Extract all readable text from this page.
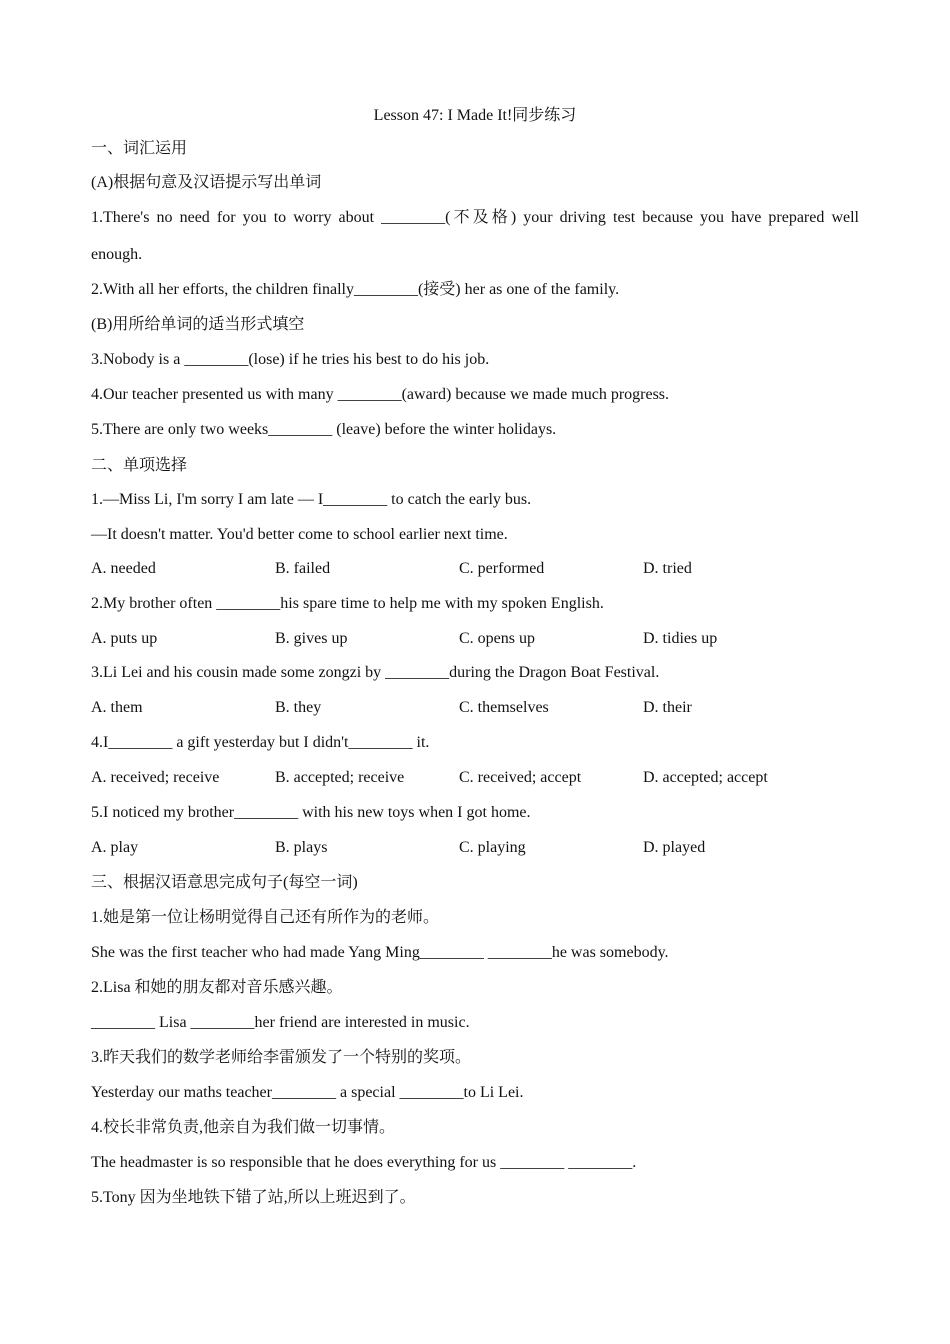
Lesson 47: I Made It!同步练习
一、词汇运用
(A)根据句意及汉语提示写出单词
1.There's no need for you to worry about ________(不及格) your driving test because you have prepared well
enough.
2.With all her efforts, the children finally________(接受) her as one of the family.
(B)用所给单词的适当形式填空
3.Nobody is a ________(lose) if he tries his best to do his job.
4.Our teacher presented us with many ________(award) because we made much progress.
5.There are only two weeks________ (leave) before the winter holidays.
二、单项选择
1.—Miss Li, I'm sorry I am late — I________ to catch the early bus.
—It doesn't matter. You'd better come to school earlier next time.
A. needed	B. failed	C. performed	D. tried
2.My brother often ________his spare time to help me with my spoken English.
A. puts up	B. gives up	C. opens up	D. tidies up
3.Li Lei and his cousin made some zongzi by ________during the Dragon Boat Festival.
A. them	B. they	C. themselves	D. their
4.I________ a gift yesterday but I didn't________ it.
A. received; receive	B. accepted; receive	C. received; accept	D. accepted; accept
5.I noticed my brother________ with his new toys when I got home.
A. play	B. plays	C. playing	D. played
三、根据汉语意思完成句子(每空一词)
1.她是第一位让杨明觉得自己还有所作为的老师。
She was the first teacher who had made Yang Ming________ ________he was somebody.
2.Lisa 和她的朋友都对音乐感兴趣。
________ Lisa ________her friend are interested in music.
3.昨天我们的数学老师给李雷颁发了一个特别的奖项。
Yesterday our maths teacher________ a special ________to Li Lei.
4.校长非常负责,他亲自为我们做一切事情。
The headmaster is so responsible that he does everything for us ________ ________.
5.Tony 因为坐地铁下错了站,所以上班迟到了。
